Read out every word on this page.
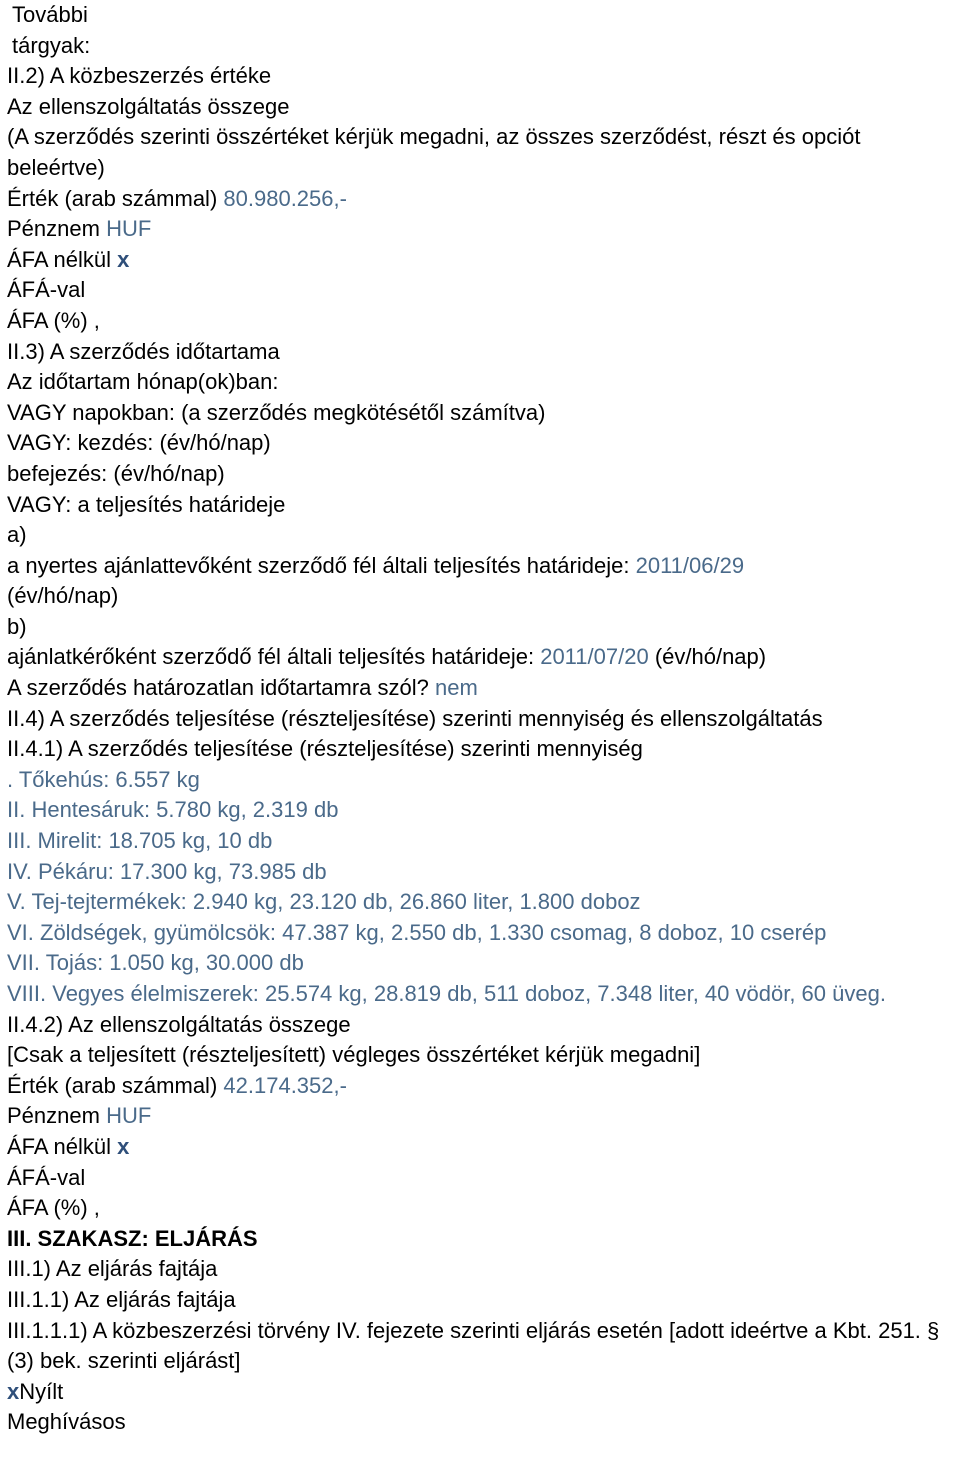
További
tárgyak:
II.2) A közbeszerzés értéke
Az ellenszolgáltatás összege
(A szerződés szerinti összértéket kérjük megadni, az összes szerződést, részt és opciót beleértve)
Érték (arab számmal) 80.980.256,-
Pénznem HUF
ÁFA nélkül x
ÁFÁ-val
ÁFA (%) ,
II.3) A szerződés időtartama
Az időtartam hónap(ok)ban:
VAGY napokban: (a szerződés megkötésétől számítva)
VAGY: kezdés: (év/hó/nap)
befejezés: (év/hó/nap)
VAGY: a teljesítés határideje
a)
a nyertes ajánlattevőként szerződő fél általi teljesítés határideje: 2011/06/29
(év/hó/nap)
b)
ajánlatkérőként szerződő fél általi teljesítés határideje: 2011/07/20 (év/hó/nap)
A szerződés határozatlan időtartamra szól? nem
II.4) A szerződés teljesítése (részteljesítése) szerinti mennyiség és ellenszolgáltatás
II.4.1) A szerződés teljesítése (részteljesítése) szerinti mennyiség
. Tőkehús: 6.557 kg
II. Hentesáruk: 5.780 kg, 2.319 db
III. Mirelit: 18.705 kg, 10 db
IV. Pékáru: 17.300 kg, 73.985 db
V. Tej-tejtermékek: 2.940 kg, 23.120 db, 26.860 liter, 1.800 doboz
VI. Zöldségek, gyümölcsök: 47.387 kg, 2.550 db, 1.330 csomag, 8 doboz, 10 cserép
VII. Tojás: 1.050 kg, 30.000 db
VIII. Vegyes élelmiszerek: 25.574 kg, 28.819 db, 511 doboz, 7.348 liter, 40 vödör, 60 üveg.
II.4.2) Az ellenszolgáltatás összege
[Csak a teljesített (részteljesített) végleges összértéket kérjük megadni]
Érték (arab számmal) 42.174.352,-
Pénznem HUF
ÁFA nélkül x
ÁFÁ-val
ÁFA (%) ,
III. SZAKASZ: ELJÁRÁS
III.1) Az eljárás fajtája
III.1.1) Az eljárás fajtája
III.1.1.1) A közbeszerzési törvény IV. fejezete szerinti eljárás esetén [adott ideértve a Kbt. 251. § (3) bek. szerinti eljárást]
xNyílt
Meghívásos
